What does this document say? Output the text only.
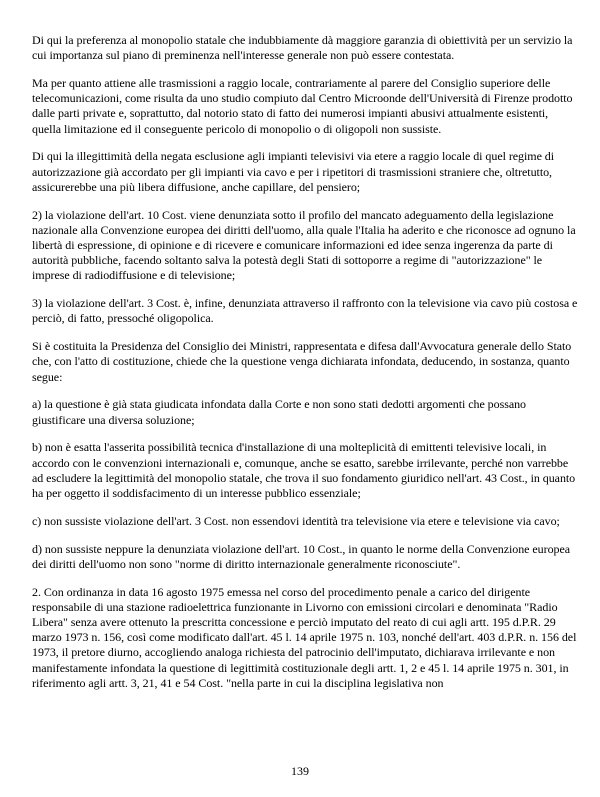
Di qui la preferenza al monopolio statale che indubbiamente dà maggiore garanzia di obiettività per un servizio la cui importanza sul piano di preminenza nell'interesse generale non può essere contestata.

Ma per quanto attiene alle trasmissioni a raggio locale, contrariamente al parere del Consiglio superiore delle telecomunicazioni, come risulta da uno studio compiuto dal Centro Microonde dell'Università di Firenze prodotto dalle parti private e, soprattutto, dal notorio stato di fatto dei numerosi impianti abusivi attualmente esistenti, quella limitazione ed il conseguente pericolo di monopolio o di oligopoli non sussiste.

Di qui la illegittimità della negata esclusione agli impianti televisivi via etere a raggio locale di quel regime di autorizzazione già accordato per gli impianti via cavo e per i ripetitori di trasmissioni straniere che, oltretutto, assicurerebbe una più libera diffusione, anche capillare, del pensiero;

2) la violazione dell'art. 10 Cost. viene denunziata sotto il profilo del mancato adeguamento della legislazione nazionale alla Convenzione europea dei diritti dell'uomo, alla quale l'Italia ha aderito e che riconosce ad ognuno la libertà di espressione, di opinione e di ricevere e comunicare informazioni ed idee senza ingerenza da parte di autorità pubbliche, facendo soltanto salva la potestà degli Stati di sottoporre a regime di "autorizzazione" le imprese di radiodiffusione e di televisione;

3) la violazione dell'art. 3 Cost. è, infine, denunziata attraverso il raffronto con la televisione via cavo più costosa e perciò, di fatto, pressoché oligopolica.

Si è costituita la Presidenza del Consiglio dei Ministri, rappresentata e difesa dall'Avvocatura generale dello Stato che, con l'atto di costituzione, chiede che la questione venga dichiarata infondata, deducendo, in sostanza, quanto segue:

a) la questione è già stata giudicata infondata dalla Corte e non sono stati dedotti argomenti che possano giustificare una diversa soluzione;

b) non è esatta l'asserita possibilità tecnica d'installazione di una molteplicità di emittenti televisive locali, in accordo con le convenzioni internazionali e, comunque, anche se esatto, sarebbe irrilevante, perché non varrebbe ad escludere la legittimità del monopolio statale, che trova il suo fondamento giuridico nell'art. 43 Cost., in quanto ha per oggetto il soddisfacimento di un interesse pubblico essenziale;

c) non sussiste violazione dell'art. 3 Cost. non essendovi identità tra televisione via etere e televisione via cavo;

d) non sussiste neppure la denunziata violazione dell'art. 10 Cost., in quanto le norme della Convenzione europea dei diritti dell'uomo non sono "norme di diritto internazionale generalmente riconosciute".

2. Con ordinanza in data 16 agosto 1975 emessa nel corso del procedimento penale a carico del dirigente responsabile di una stazione radioelettrica funzionante in Livorno con emissioni circolari e denominata "Radio Libera" senza avere ottenuto la prescritta concessione e perciò imputato del reato di cui agli artt. 195 d.P.R. 29 marzo 1973 n. 156, così come modificato dall'art. 45 l. 14 aprile 1975 n. 103, nonché dell'art. 403 d.P.R. n. 156 del 1973, il pretore diurno, accogliendo analoga richiesta del patrocinio dell'imputato, dichiarava irrilevante e non manifestamente infondata la questione di legittimità costituzionale degli artt. 1, 2 e 45 l. 14 aprile 1975 n. 301, in riferimento agli artt. 3, 21, 41 e 54 Cost. "nella parte in cui la disciplina legislativa non

139
